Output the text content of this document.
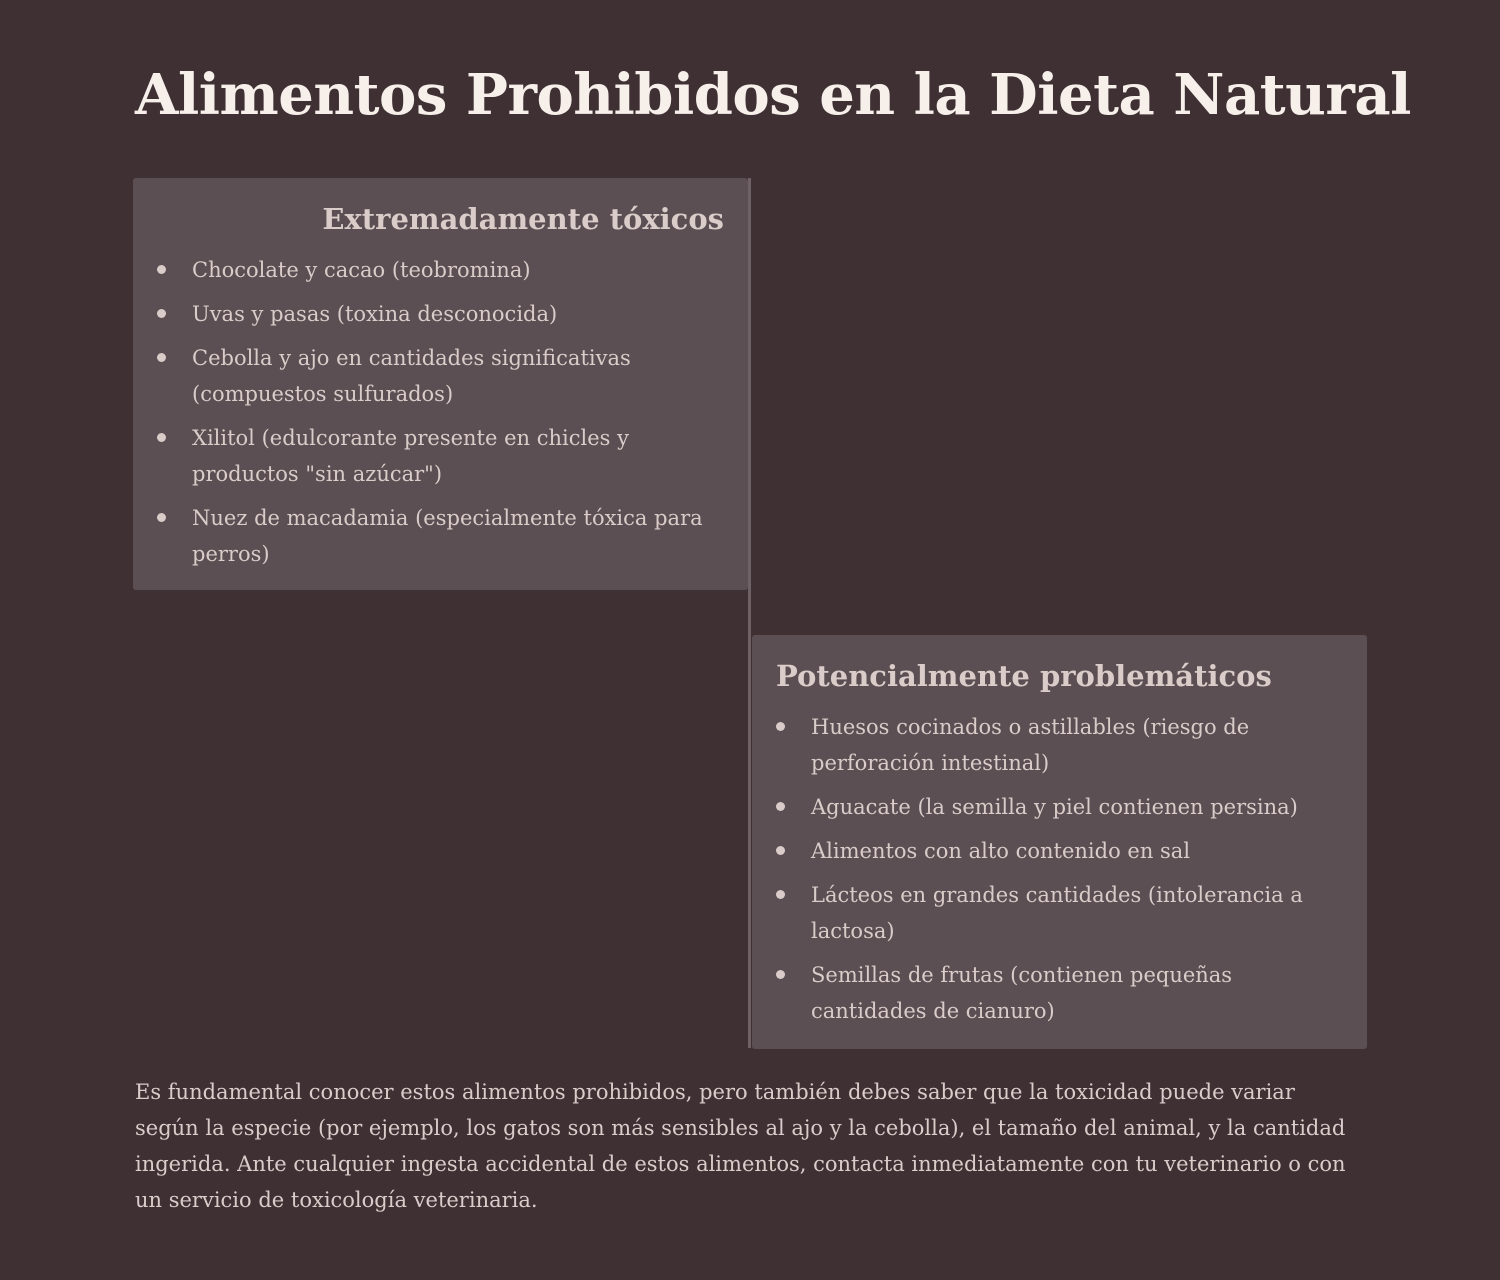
Alimentos Prohibidos en la Dieta Natural
Extremadamente tóxicos
Chocolate y cacao (teobromina)
Uvas y pasas (toxina desconocida)
Cebolla y ajo en cantidades significativas (compuestos sulfurados)
Xilitol (edulcorante presente en chicles y productos "sin azúcar")
Nuez de macadamia (especialmente tóxica para perros)
Potencialmente problemáticos
Huesos cocinados o astillables (riesgo de perforación intestinal)
Aguacate (la semilla y piel contienen persina)
Alimentos con alto contenido en sal
Lácteos en grandes cantidades (intolerancia a lactosa)
Semillas de frutas (contienen pequeñas cantidades de cianuro)

Es fundamental conocer estos alimentos prohibidos, pero también debes saber que la toxicidad puede variar según la especie (por ejemplo, los gatos son más sensibles al ajo y la cebolla), el tamaño del animal, y la cantidad ingerida. Ante cualquier ingesta accidental de estos alimentos, contacta inmediatamente con tu veterinario o con un servicio de toxicología veterinaria.
